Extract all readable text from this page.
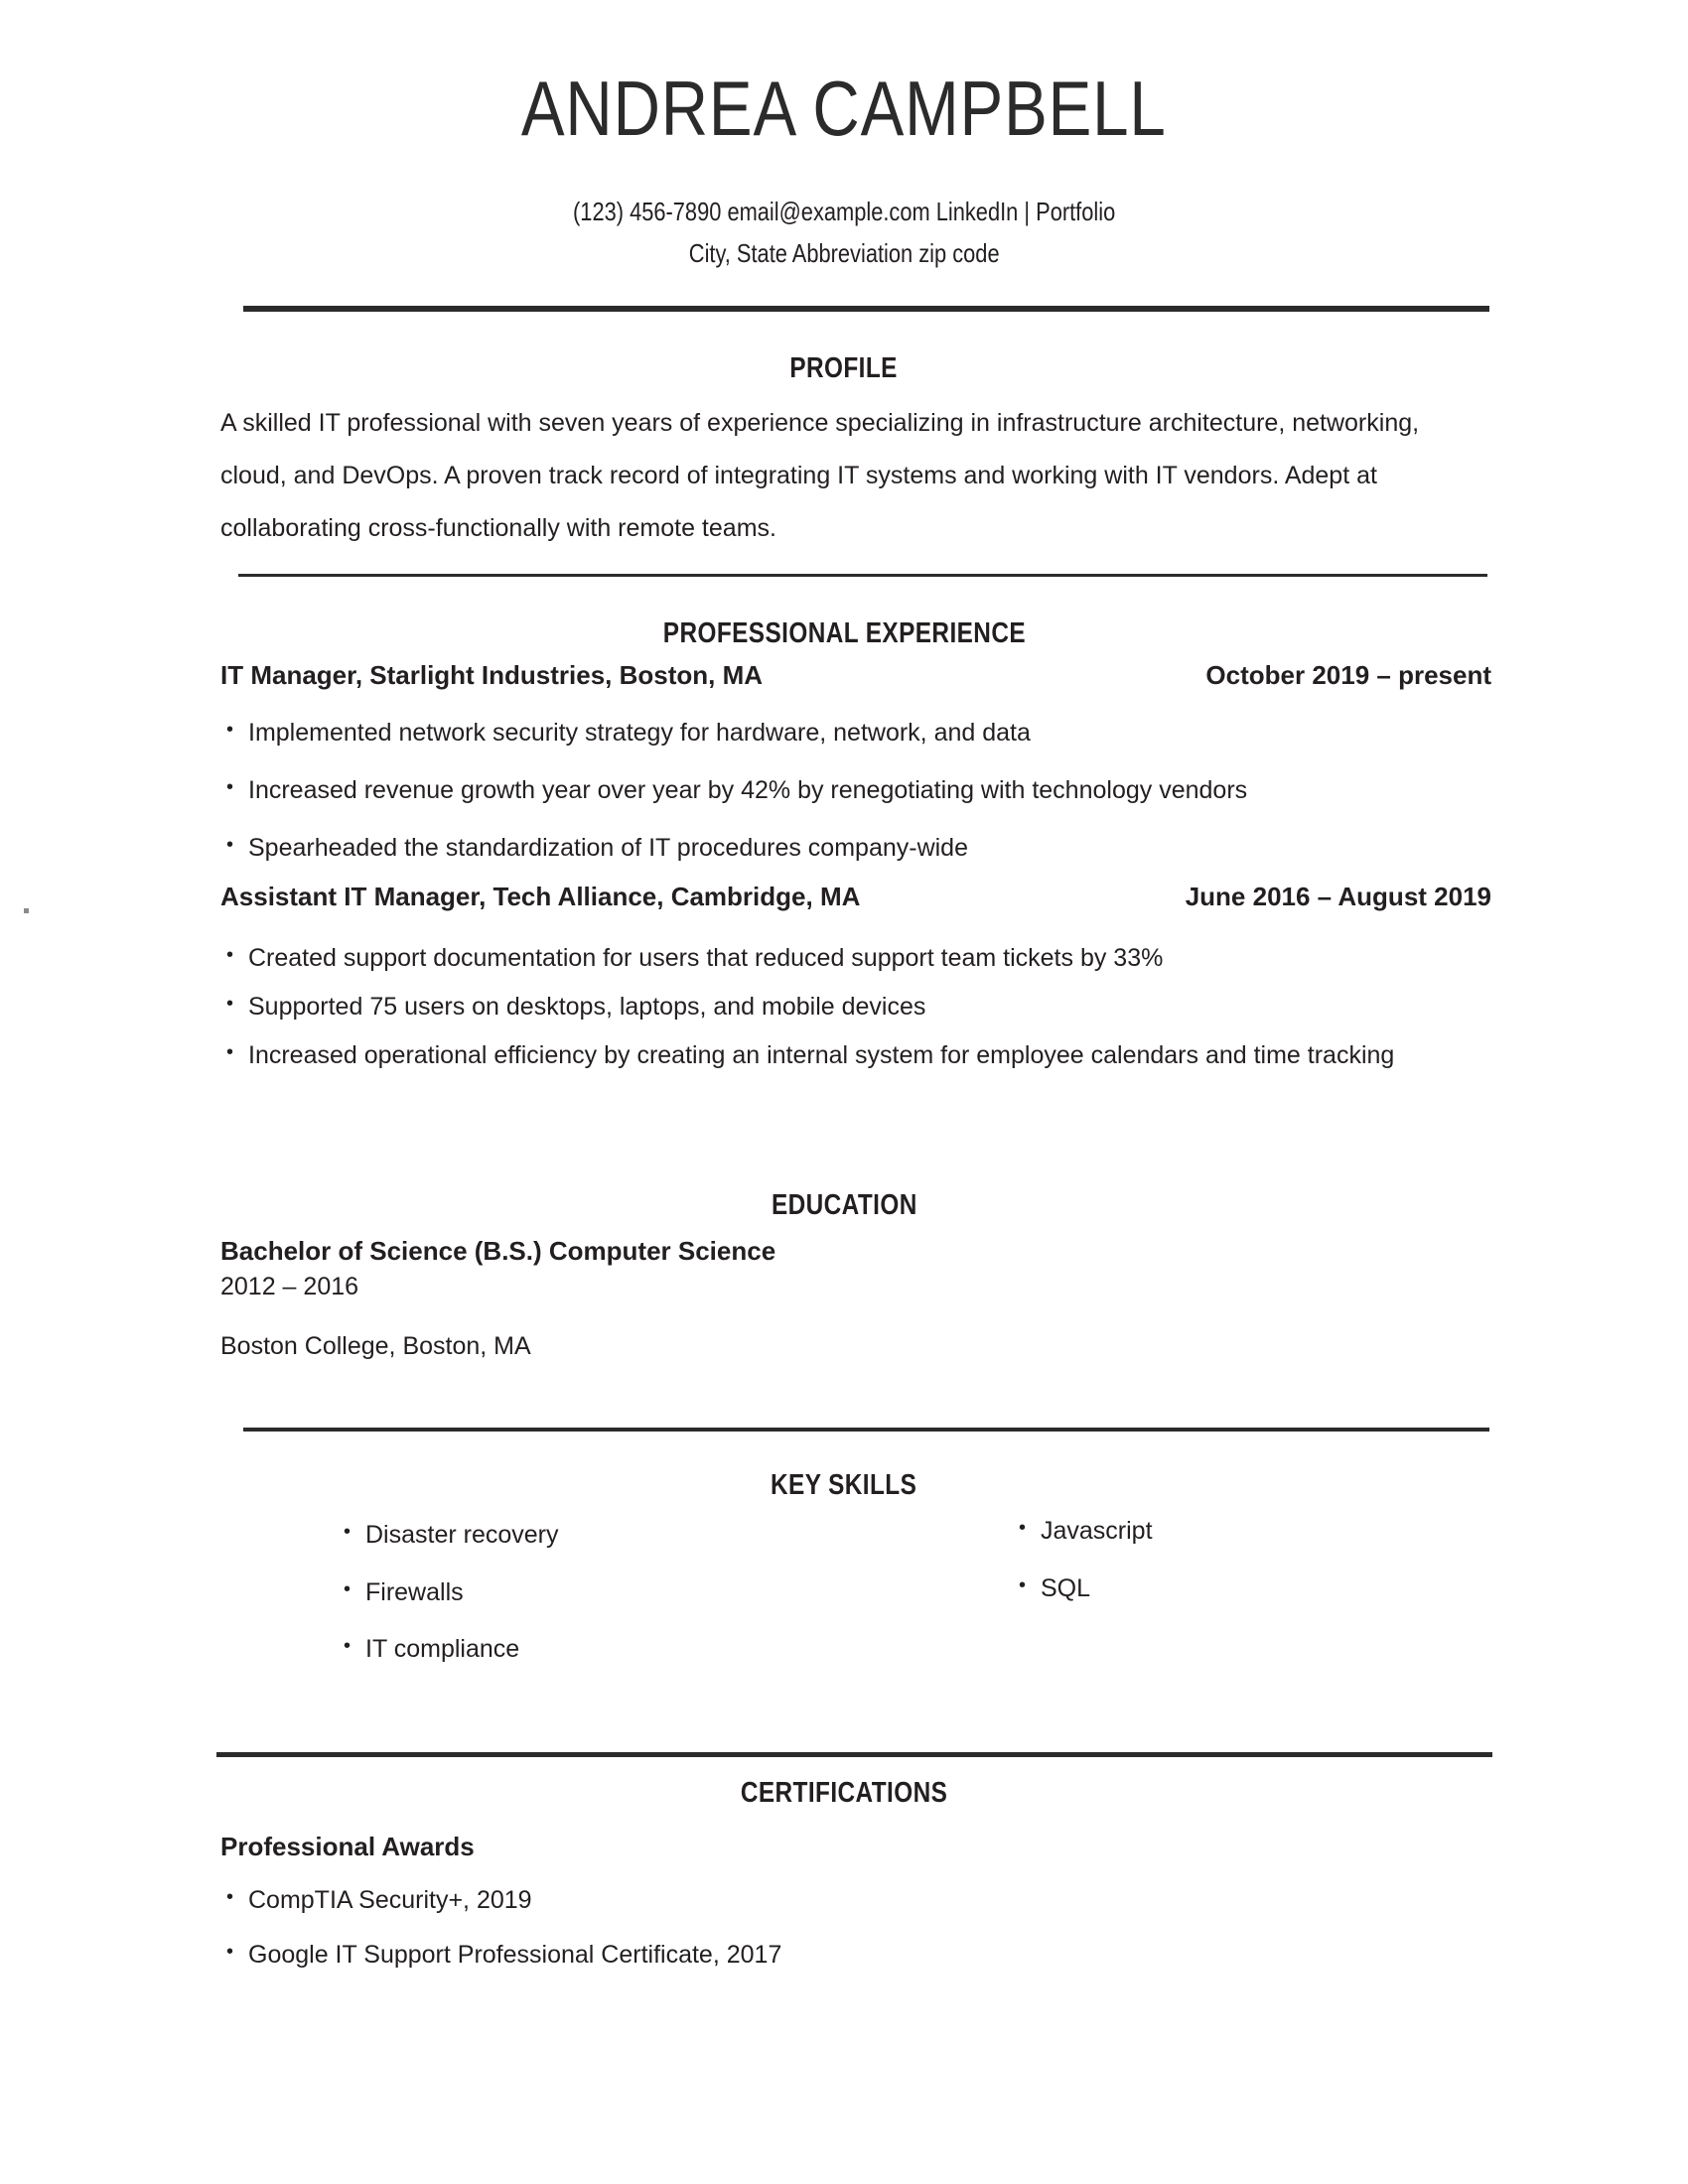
ANDREA CAMPBELL
(123) 456-7890 email@example.com LinkedIn | Portfolio
City, State Abbreviation zip code
PROFILE
A skilled IT professional with seven years of experience specializing in infrastructure architecture, networking, cloud, and DevOps. A proven track record of integrating IT systems and working with IT vendors. Adept at collaborating cross-functionally with remote teams.
PROFESSIONAL EXPERIENCE
IT Manager, Starlight Industries, Boston, MA	October 2019 – present
• Implemented network security strategy for hardware, network, and data
• Increased revenue growth year over year by 42% by renegotiating with technology vendors
• Spearheaded the standardization of IT procedures company-wide
Assistant IT Manager, Tech Alliance, Cambridge, MA	June 2016 – August 2019
• Created support documentation for users that reduced support team tickets by 33%
• Supported 75 users on desktops, laptops, and mobile devices
• Increased operational efficiency by creating an internal system for employee calendars and time tracking
EDUCATION
Bachelor of Science (B.S.) Computer Science
2012 – 2016
Boston College, Boston, MA
KEY SKILLS
• Disaster recovery
• Firewalls
• IT compliance
• Javascript
• SQL
CERTIFICATIONS
Professional Awards
• CompTIA Security+, 2019
• Google IT Support Professional Certificate, 2017
